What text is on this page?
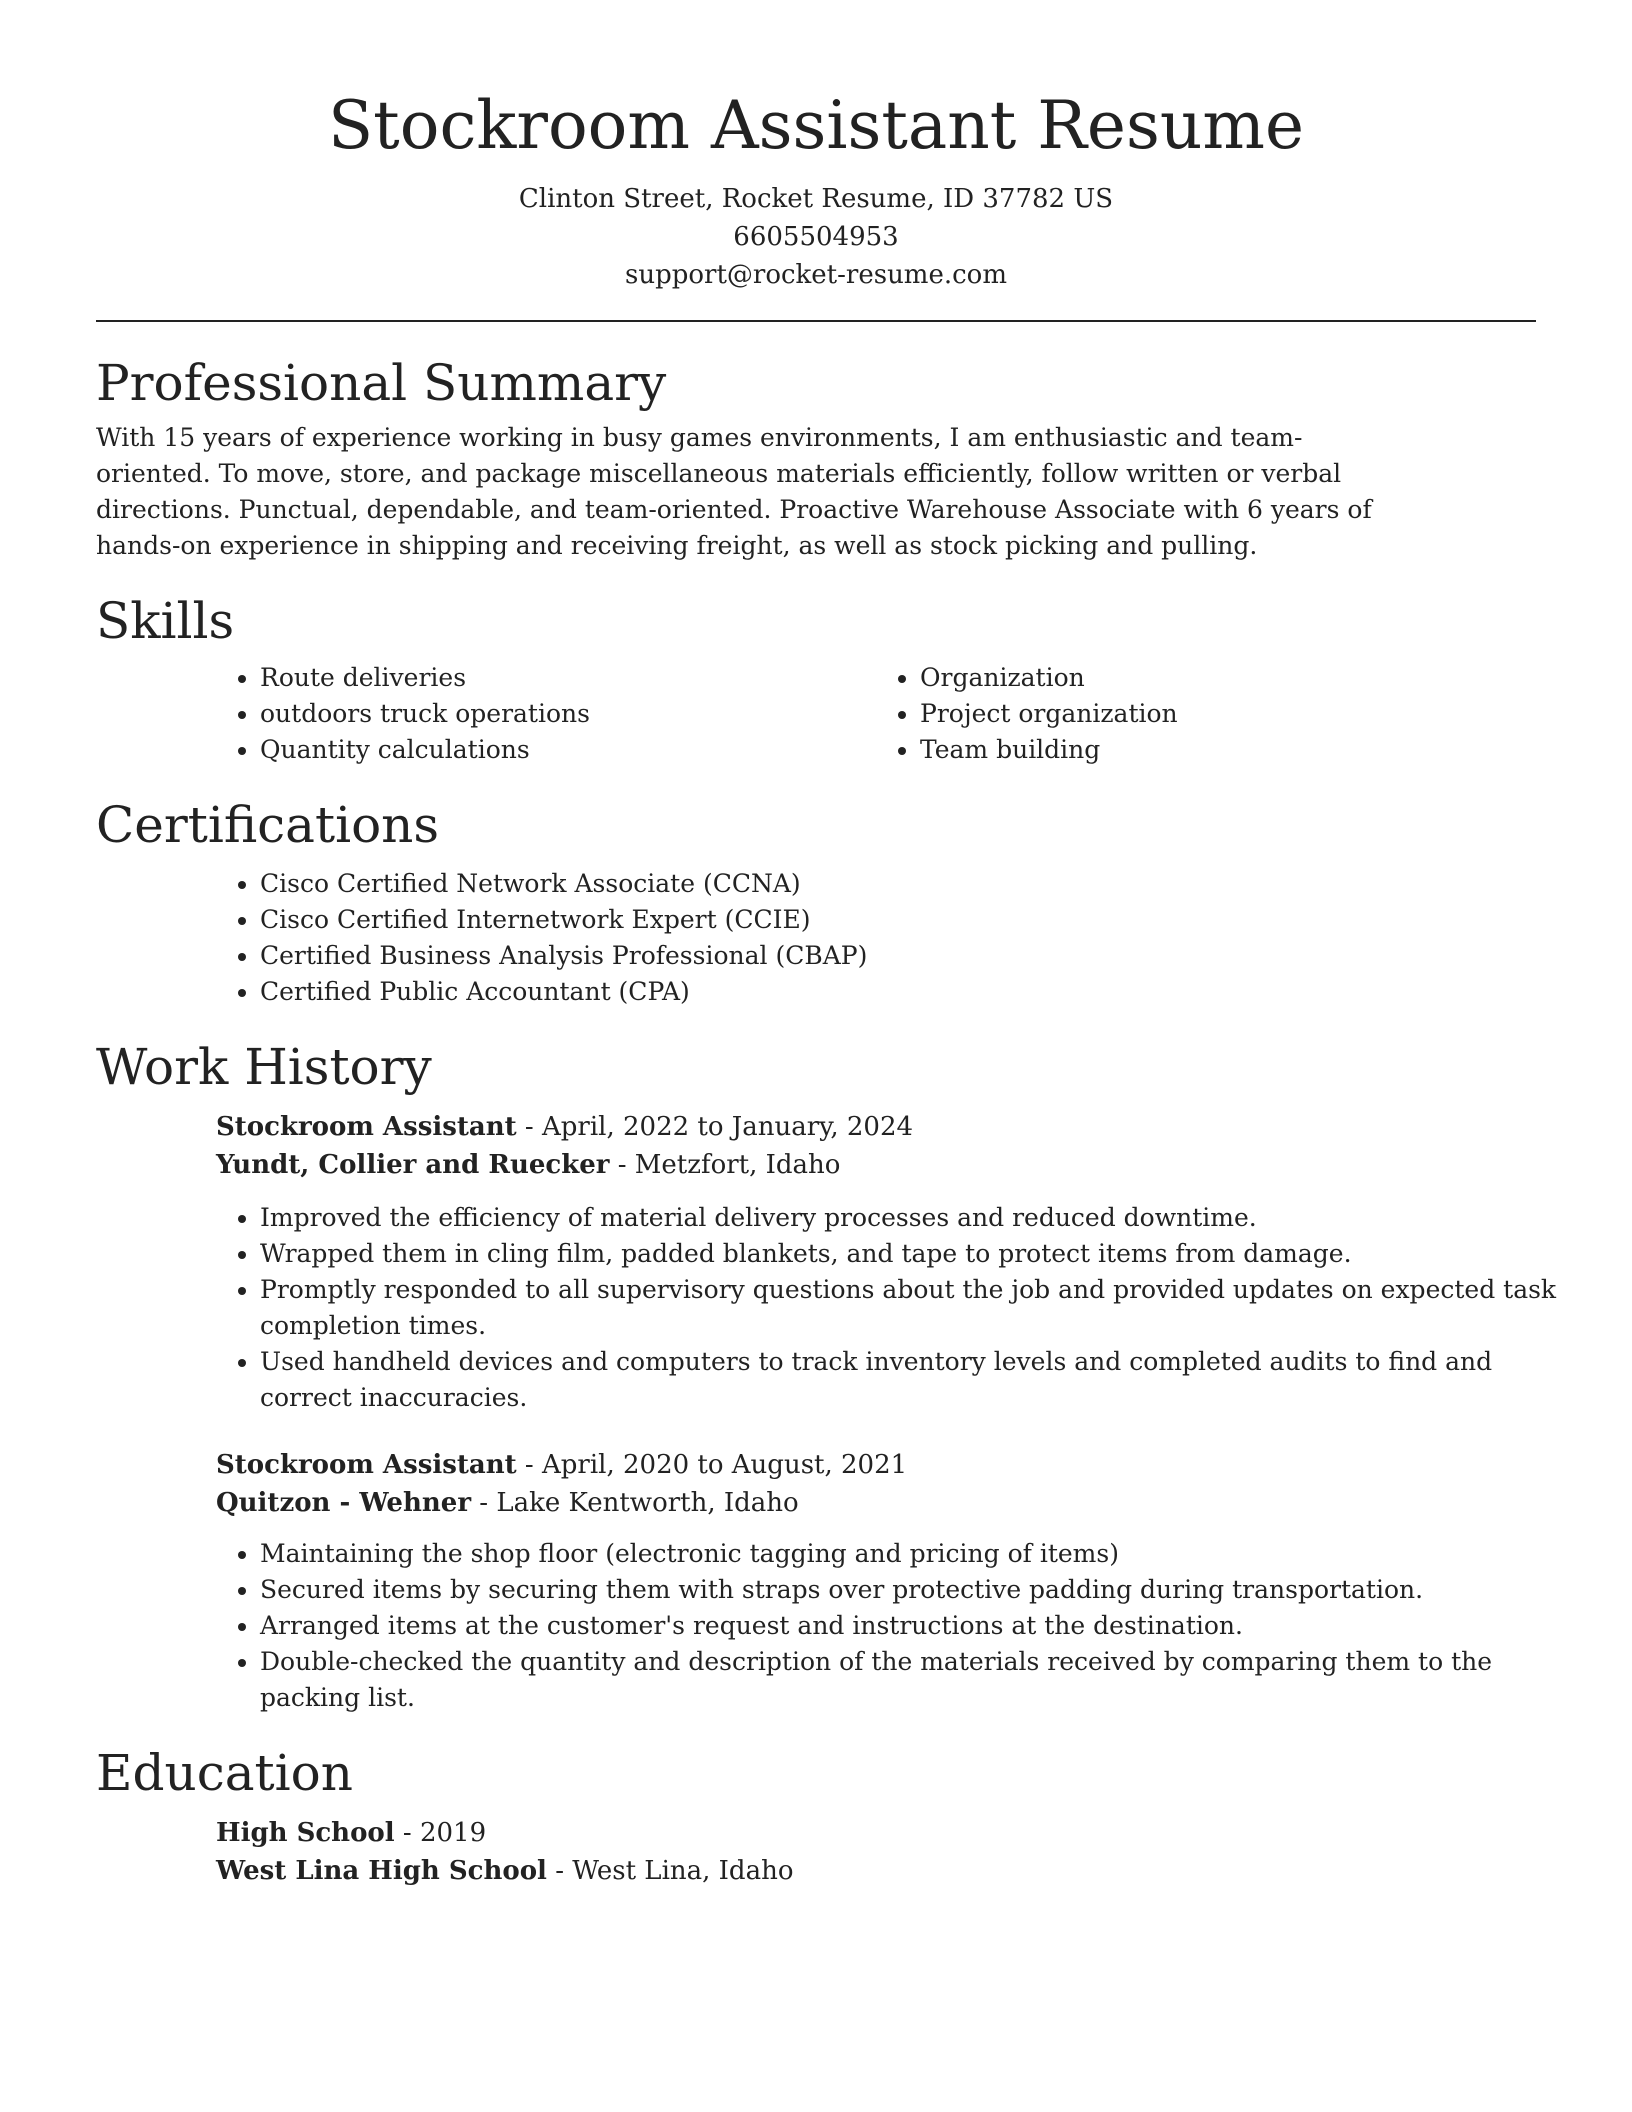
Stockroom Assistant Resume
Clinton Street, Rocket Resume, ID 37782 US
6605504953
support@rocket-resume.com
Professional Summary

With 15 years of experience working in busy games environments, I am enthusiastic and team-oriented. To move, store, and package miscellaneous materials efficiently, follow written or verbal directions. Punctual, dependable, and team-oriented. Proactive Warehouse Associate with 6 years of hands-on experience in shipping and receiving freight, as well as stock picking and pulling.

Skills
• Route deliveries
• outdoors truck operations
• Quantity calculations
• Organization
• Project organization
• Team building
Certifications
• Cisco Certified Network Associate (CCNA)
• Cisco Certified Internetwork Expert (CCIE)
• Certified Business Analysis Professional (CBAP)
• Certified Public Accountant (CPA)
Work History

Stockroom Assistant - April, 2022 to January, 2024

Yundt, Collier and Ruecker - Metzfort, Idaho

• Improved the efficiency of material delivery processes and reduced downtime.
• Wrapped them in cling film, padded blankets, and tape to protect items from damage.
• Promptly responded to all supervisory questions about the job and provided updates on expected task completion times.
• Used handheld devices and computers to track inventory levels and completed audits to find and correct inaccuracies.

Stockroom Assistant - April, 2020 to August, 2021

Quitzon - Wehner - Lake Kentworth, Idaho

• Maintaining the shop floor (electronic tagging and pricing of items)
• Secured items by securing them with straps over protective padding during transportation.
• Arranged items at the customer's request and instructions at the destination.
• Double-checked the quantity and description of the materials received by comparing them to the packing list.
Education

High School - 2019

West Lina High School - West Lina, Idaho
